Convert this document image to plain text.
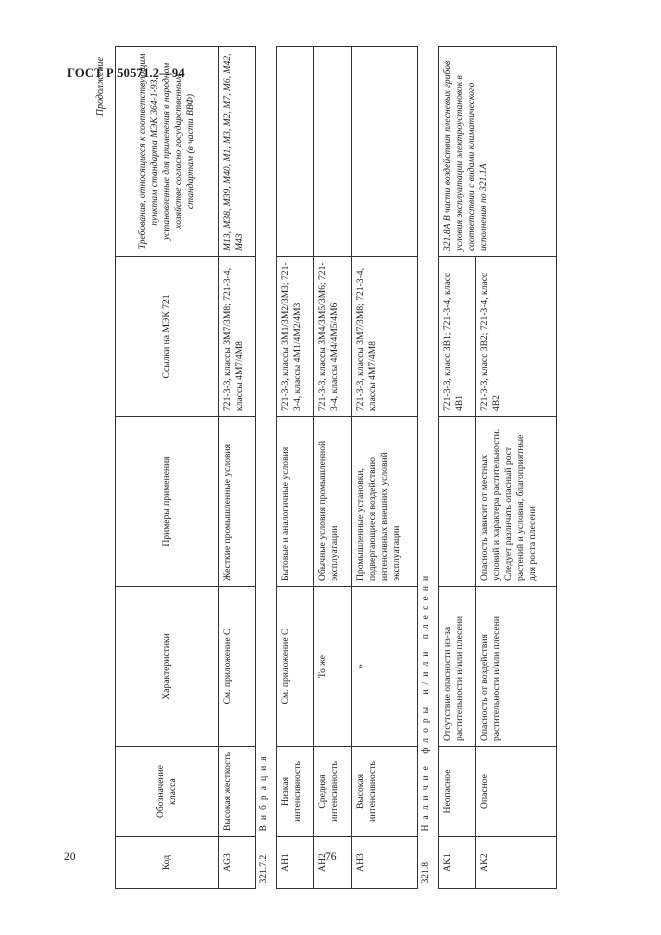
ГОСТ Р 50571.2—94
Продолжение
Код	Обозначение класса	Характеристики	Примеры применения	Ссылки на МЭК 721	Требования, относящиеся к соответствующим пунктам стандарта МЭК 364-1-93, установленные для применения в народном хозяйстве согласно государственным стандартам (в части ВВФ)
AG3	Высокая жесткость	См. приложение С	Жесткие промышленные условия	721-3-3, классы 3М7/3М8; 721-3-4, классы 4М7/4М8	М13, М38, М39, М40, М1, М3, М2, М7, М6, М42, М43
321.7.2	Вибрация				
AH1	Низкая интенсивность	См. приложение С	Бытовые и аналогичные условия	721-3-3, классы 3М1/3М2/3М3; 721-3-4, классы 4М1/4М2/4М3	
AH2	Средняя интенсивность	То же	Обычные условия промышленной эксплуатации	721-3-3, классы 3М4/3М5/3М6; 721-3-4, классы 4М4/4М5/4М6	
AH3	Высокая интенсивность	»	Промышленные установки, подвергающиеся воздействию интенсивных внешних условий эксплуатации	721-3-3, классы 3М7/3М8; 721-3-4, классы 4М7/4М8	
321.8	Наличие флоры и/или плесени				
AK1	Неопасное	Отсутствие опасности из-за растительности и/или плесени		721-3-3, класс 3В1; 721-3-4, класс 4В1	321.8А В части воздействия плесневых грибов условия эксплуатации электроустановок в соответствии с видами климатического исполнения по 321.1А
AK2	Опасное	Опасность от воздействия растительности и/или плесени	Опасность зависит от местных условий и характера растительности. Следует различать опасный рост растений и условия, благоприятные для роста плесени	721-3-3, класс 3В2; 721-3-4, класс 4В2	
20	76
